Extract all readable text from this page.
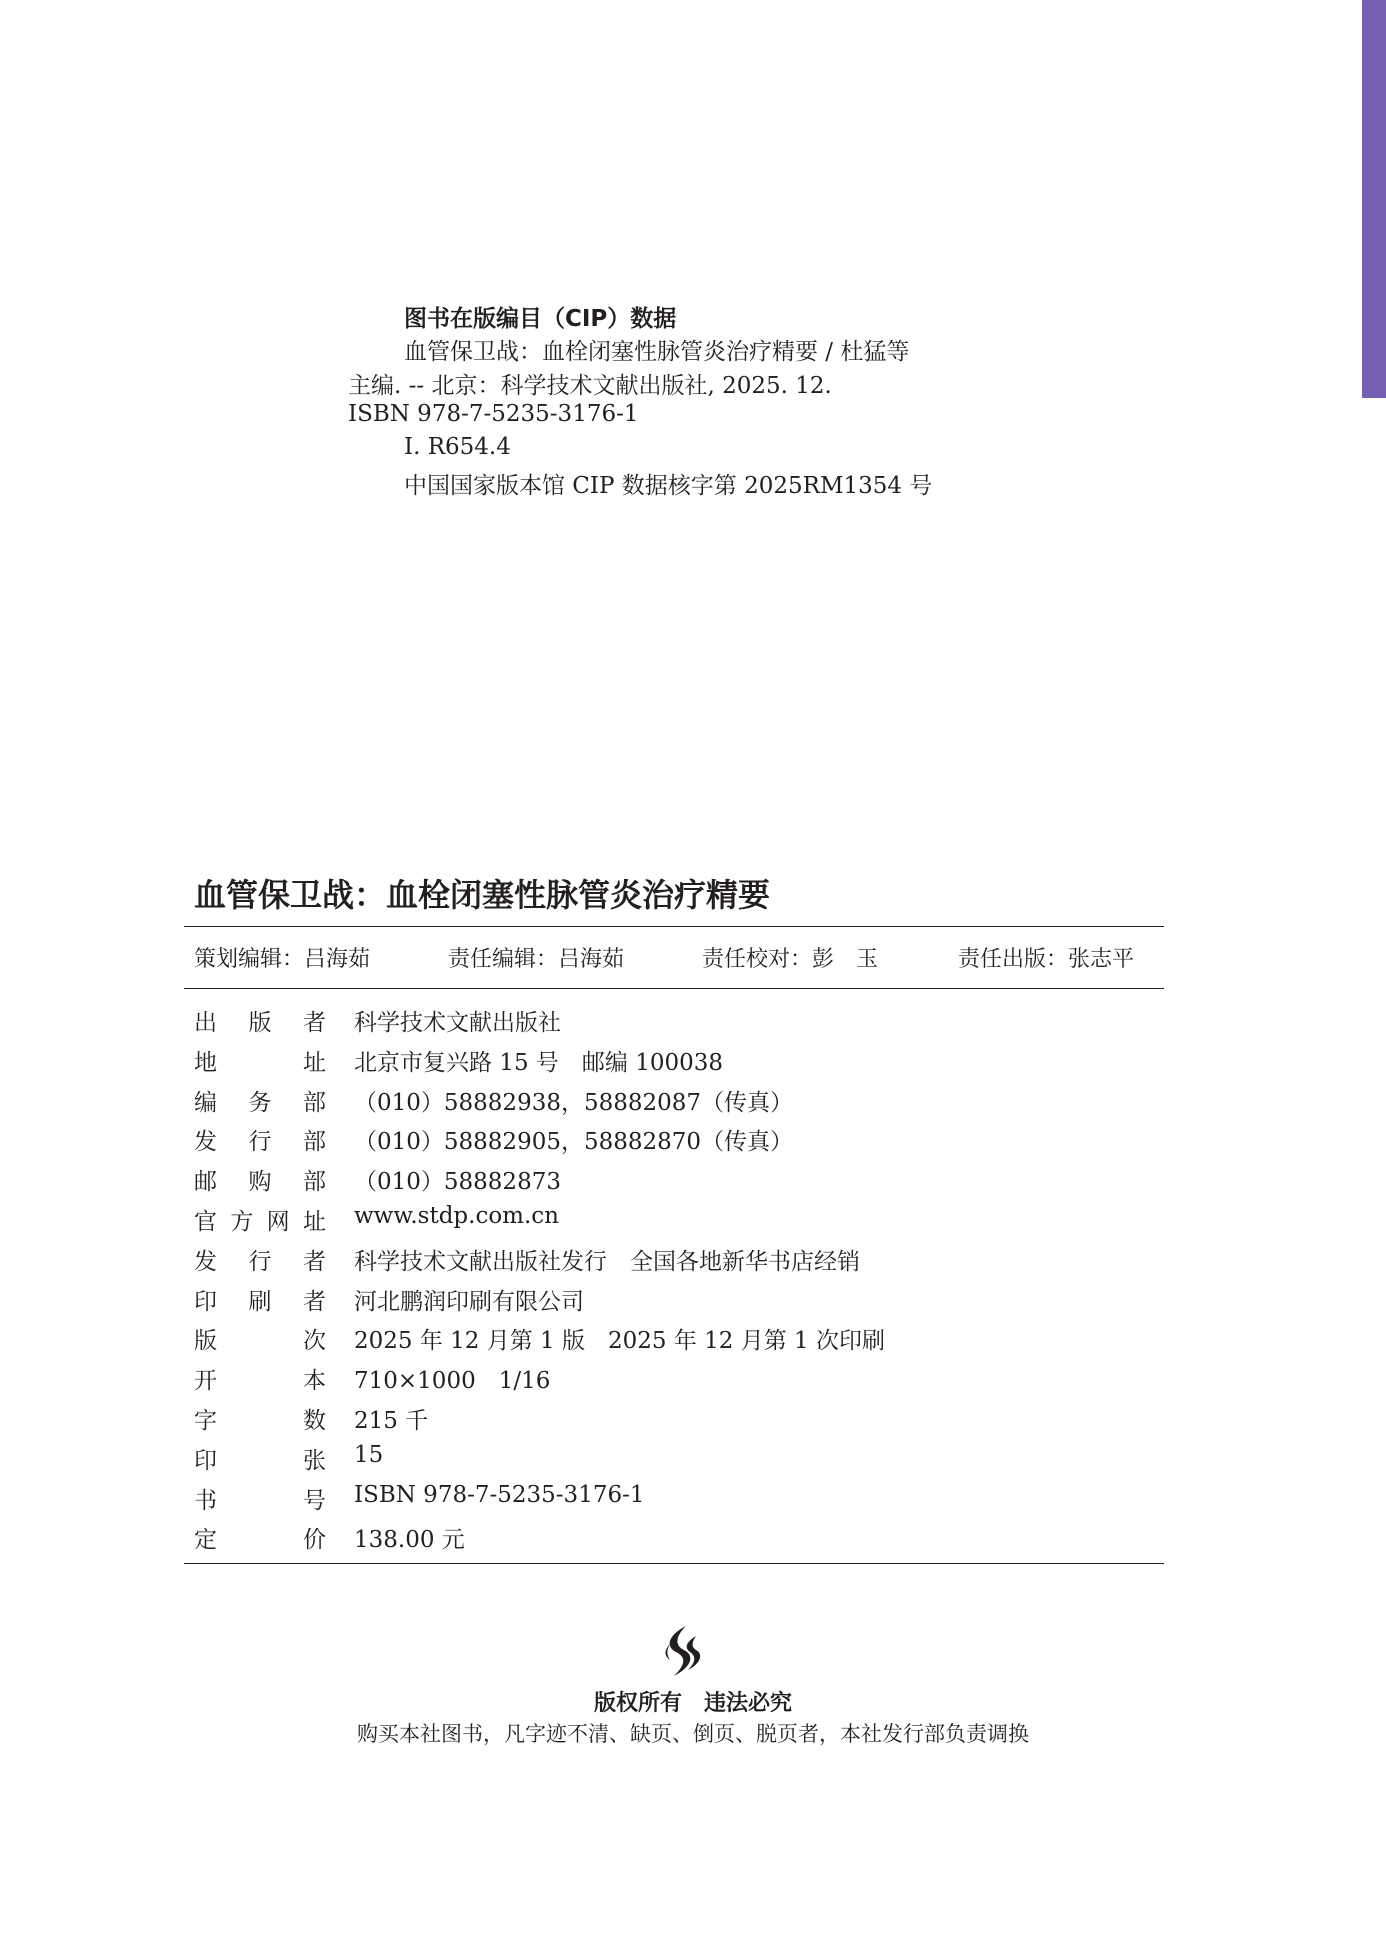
图书在版编目（CIP）数据
血管保卫战：血栓闭塞性脉管炎治疗精要 / 杜猛等
主编. -- 北京：科学技术文献出版社, 2025. 12.
ISBN 978-7-5235-3176-1
Ⅰ. R654.4
中国国家版本馆 CIP 数据核字第 2025RM1354 号
血管保卫战：血栓闭塞性脉管炎治疗精要
策划编辑：吕海茹	责任编辑：吕海茹	责任校对：彭　玉	责任出版：张志平
出 版 者 科学技术文献出版社
地	址 北京市复兴路 15 号　邮编 100038
编 务 部 （010）58882938，58882087（传真）
发 行 部 （010）58882905，58882870（传真）
邮 购 部 （010）58882873
官 方 网 址 www.stdp.com.cn
发 行 者 科学技术文献出版社发行　全国各地新华书店经销
印 刷 者 河北鹏润印刷有限公司
版	次 2025 年 12 月第 1 版　2025 年 12 月第 1 次印刷
开	本 710×1000　1/16
字	数 215 千
印	张 15
书	号 ISBN 978-7-5235-3176-1
定	价 138.00 元
版权所有　违法必究
购买本社图书，凡字迹不清、缺页、倒页、脱页者，本社发行部负责调换
